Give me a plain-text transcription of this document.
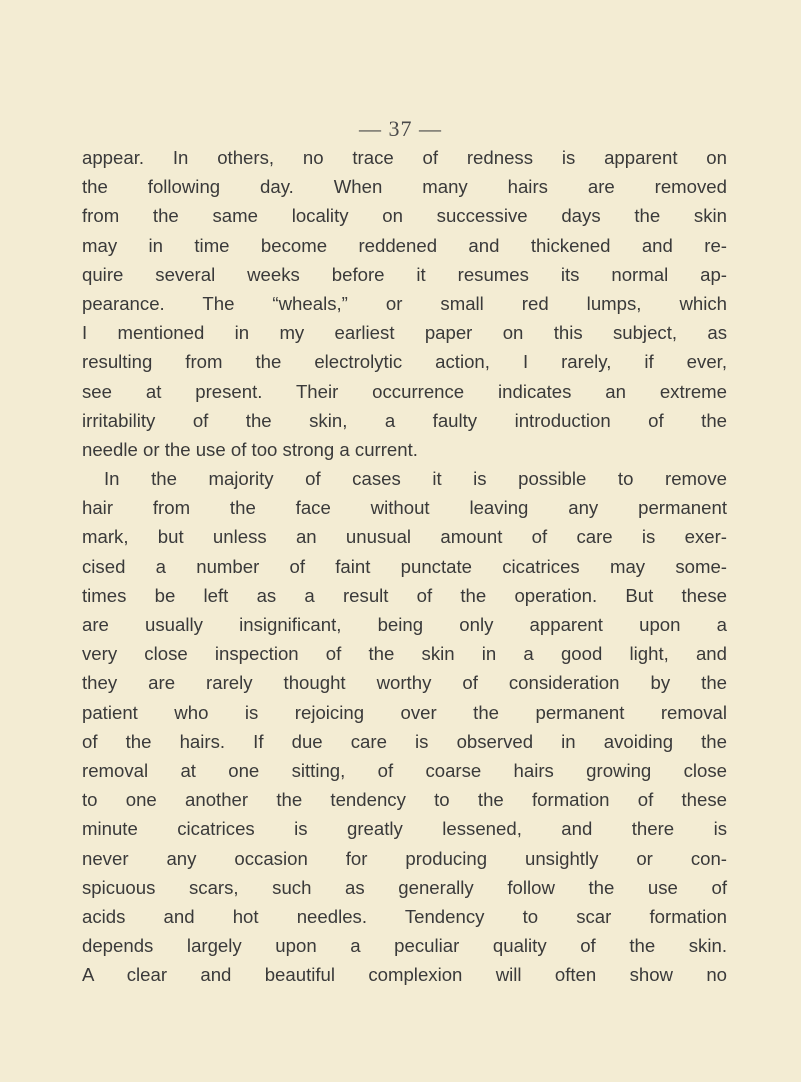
— 37 —
appear. In others, no trace of redness is apparent on
the following day. When many hairs are removed
from the same locality on successive days the skin
may in time become reddened and thickened and re-
quire several weeks before it resumes its normal ap-
pearance. The “wheals,” or small red lumps, which
I mentioned in my earliest paper on this subject, as
resulting from the electrolytic action, I rarely, if ever,
see at present. Their occurrence indicates an extreme
irritability of the skin, a faulty introduction of the
needle or the use of too strong a current.
In the majority of cases it is possible to remove
hair from the face without leaving any permanent
mark, but unless an unusual amount of care is exer-
cised a number of faint punctate cicatrices may some-
times be left as a result of the operation. But these
are usually insignificant, being only apparent upon a
very close inspection of the skin in a good light, and
they are rarely thought worthy of consideration by the
patient who is rejoicing over the permanent removal
of the hairs. If due care is observed in avoiding the
removal at one sitting, of coarse hairs growing close
to one another the tendency to the formation of these
minute cicatrices is greatly lessened, and there is
never any occasion for producing unsightly or con-
spicuous scars, such as generally follow the use of
acids and hot needles. Tendency to scar formation
depends largely upon a peculiar quality of the skin.
A clear and beautiful complexion will often show no
